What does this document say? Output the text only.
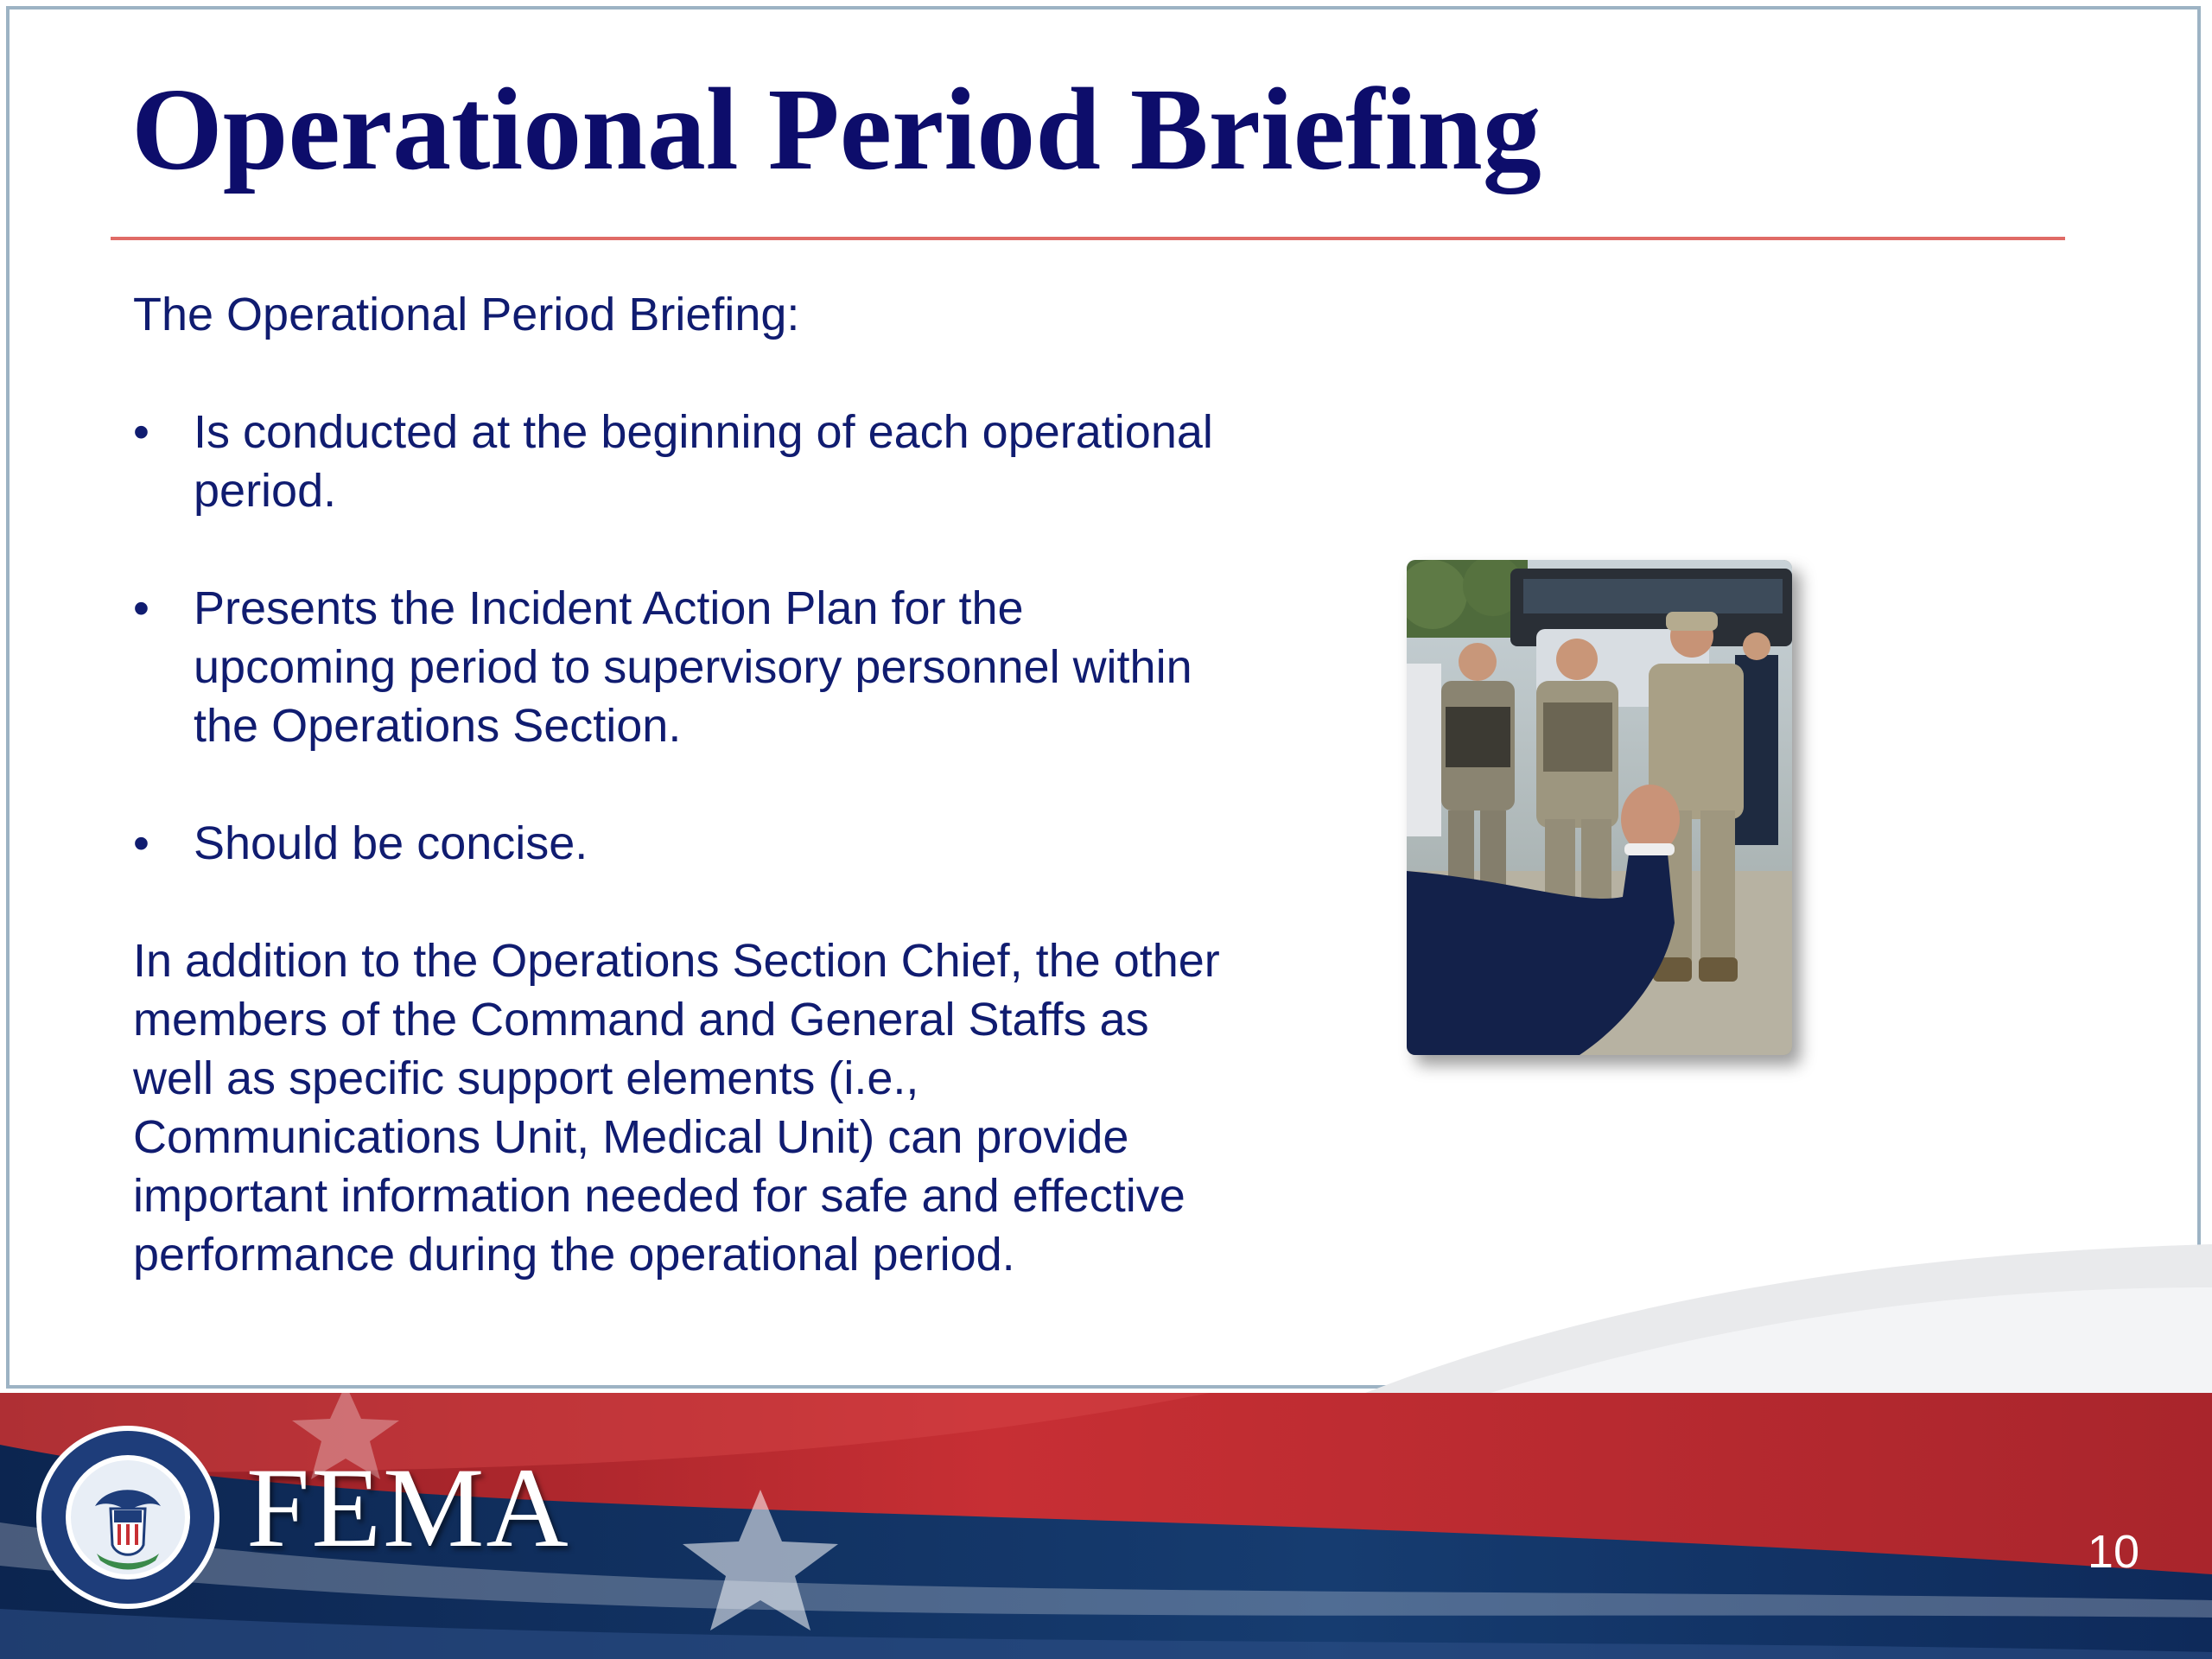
Operational Period Briefing

The Operational Period Briefing:

• Is conducted at the beginning of each operational period.
• Presents the Incident Action Plan for the upcoming period to supervisory personnel within the Operations Section.
• Should be concise.

In addition to the Operations Section Chief, the other members of the Command and General Staffs as well as specific support elements (i.e., Communications Unit, Medical Unit) can provide important information needed for safe and effective performance during the operational period.

FEMA	10
